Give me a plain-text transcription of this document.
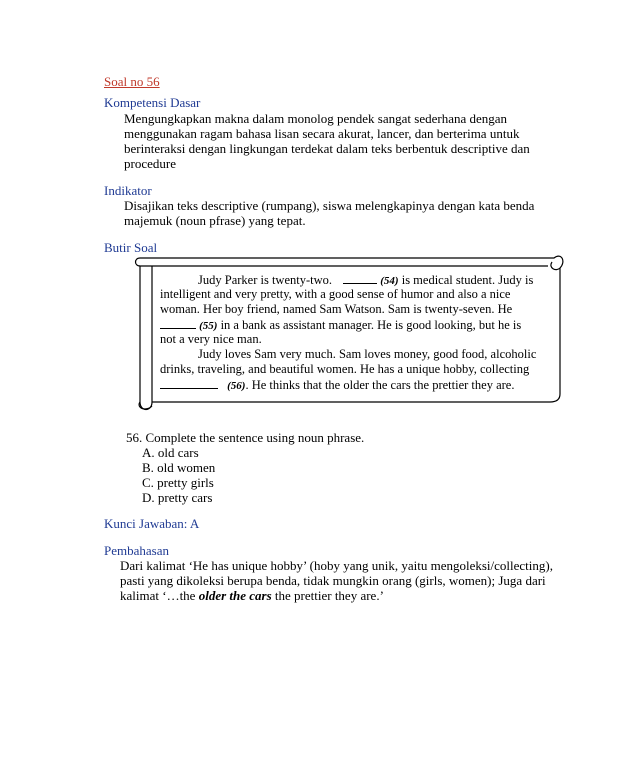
Soal no 56
Kompetensi Dasar
Mengungkapkan makna dalam monolog pendek sangat sederhana dengan
menggunakan ragam bahasa lisan secara akurat, lancer, dan berterima untuk
berinteraksi dengan lingkungan terdekat dalam teks berbentuk descriptive dan
procedure
Indikator
Disajikan teks descriptive (rumpang), siswa melengkapinya dengan kata benda
majemuk (noun pfrase) yang tepat.
Butir Soal
Judy Parker is twenty-two.	(54) is medical student. Judy is
intelligent and very pretty, with a good sense of humor and also a nice
woman. Her boy friend, named Sam Watson. Sam is twenty-seven. He
(55) in a bank as assistant manager. He is good looking, but he is
not a very nice man.
Judy loves Sam very much. Sam loves money, good food, alcoholic
drinks, traveling, and beautiful women. He has a unique hobby, collecting
(56). He thinks that the older the cars the prettier they are.
56. Complete the sentence using noun phrase.
A. old cars
B. old women
C. pretty girls
D. pretty cars
Kunci Jawaban: A
Pembahasan
Dari kalimat ‘He has unique hobby’ (hoby yang unik, yaitu mengoleksi/collecting),
pasti yang dikoleksi berupa benda, tidak mungkin orang (girls, women); Juga dari
kalimat ‘…the older the cars the prettier they are.’
